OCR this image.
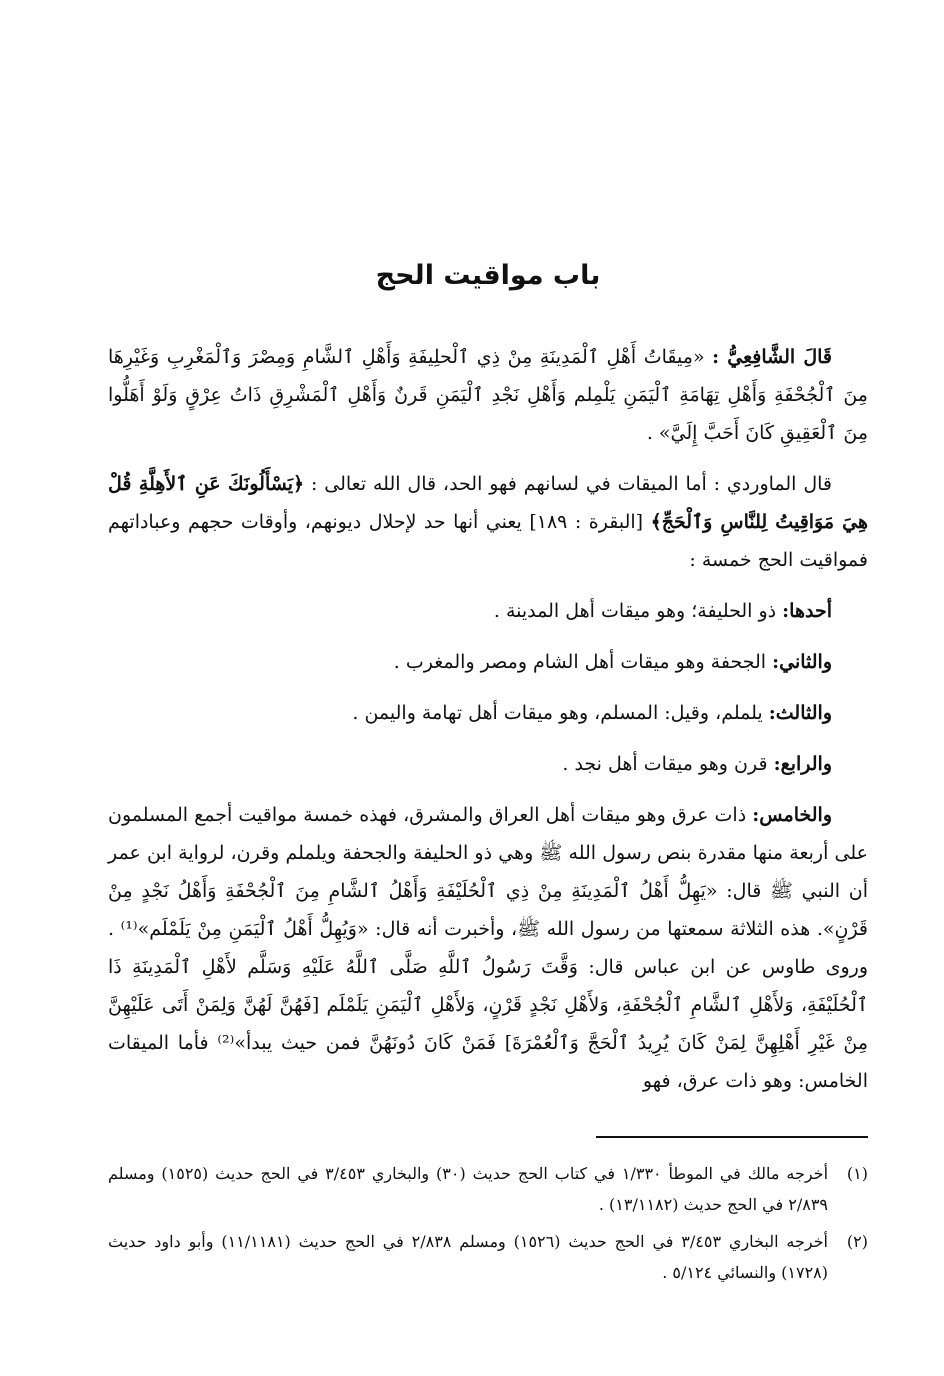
باب مواقيت الحج

قَالَ الشَّافِعِيُّ : «مِيقَاتُ أَهْلِ ٱلْمَدِينَةِ مِنْ ذِي ٱلْحلِيفَةِ وَأَهْلِ ٱلشَّامِ وَمِصْرَ وَٱلْمَغْرِبِ وَغَيْرِهَا مِنَ ٱلْجُحْفَةِ وَأَهْلِ تِهَامَةِ ٱلْيَمَنِ يَلْمِلم وَأَهْلِ نَجْدِ ٱلْيَمَنِ قَرنٌ وَأَهْلِ ٱلْمَشْرِقِ ذَاتُ عِرْقٍ وَلَوْ أَهَلُّوا مِنَ ٱلْعَقِيقِ كَانَ أَحَبَّ إِلَيَّ» .

قال الماوردي : أما الميقات في لسانهم فهو الحد، قال الله تعالى : ﴿يَسْأَلُونَكَ عَنِ ٱلأَهِلَّةِ قُلْ هِيَ مَوَاقِيتُ لِلنَّاسِ وَٱلْحَجِّ﴾ [البقرة : ١٨٩] يعني أنها حد لإحلال ديونهم، وأوقات حجهم وعباداتهم فمواقيت الحج خمسة :

أحدها: ذو الحليفة؛ وهو ميقات أهل المدينة .

والثاني: الجحفة وهو ميقات أهل الشام ومصر والمغرب .

والثالث: يلملم، وقيل: المسلم، وهو ميقات أهل تهامة واليمن .

والرابع: قرن وهو ميقات أهل نجد .

والخامس: ذات عرق وهو ميقات أهل العراق والمشرق، فهذه خمسة مواقيت أجمع المسلمون على أربعة منها مقدرة بنص رسول الله ﷺ وهي ذو الحليفة والجحفة ويلملم وقرن، لرواية ابن عمر أن النبي ﷺ قال: «يَهِلُّ أَهْلُ ٱلْمَدِينَةِ مِنْ ذِي ٱلْحُلَيْفَةِ وَأَهْلُ ٱلشَّامِ مِنَ ٱلْجُحْفَةِ وَأَهْلُ نَجْدٍ مِنْ قَرْنٍ». هذه الثلاثة سمعتها من رسول الله ﷺ، وأخبرت أنه قال: «وَيُهِلُّ أَهْلُ ٱلْيَمَنِ مِنْ يَلَمْلَم»⁽¹⁾ . وروى طاوس عن ابن عباس قال: وَقَّتَ رَسُولُ ٱللَّهِ صَلَّى ٱللَّهُ عَلَيْهِ وَسَلَّم لأَهْلِ ٱلْمَدِينَةِ ذَا ٱلْحُلَيْفَةِ، وَلأَهْلِ ٱلشَّامِ ٱلْجُحْفَةِ، وَلأَهْلِ نَجْدٍ قَرْنٍ، وَلأَهْلِ ٱلْيَمَنِ يَلَمْلَم [فَهُنَّ لَهُنَّ وَلِمَنْ أَتَى عَلَيْهِنَّ مِنْ غَيْرِ أَهْلِهِنَّ لِمَنْ كَانَ يُرِيدُ ٱلْحَجَّ وَٱلْعُمْرَةَ] فَمَنْ كَانَ دُونَهُنَّ فمن حيث يبدأ»⁽²⁾ فأما الميقات الخامس: وهو ذات عرق، فهو

(١)
أخرجه مالك في الموطأ ١/٣٣٠ في كتاب الحج حديث (٣٠) والبخاري ٣/٤٥٣ في الحج حديث (١٥٢٥) ومسلم ٢/٨٣٩ في الحج حديث (١٣/١١٨٢) .
(٢)
أخرجه البخاري ٣/٤٥٣ في الحج حديث (١٥٢٦) ومسلم ٢/٨٣٨ في الحج حديث (١١/١١٨١) وأبو داود حديث (١٧٢٨) والنسائي ٥/١٢٤ .
